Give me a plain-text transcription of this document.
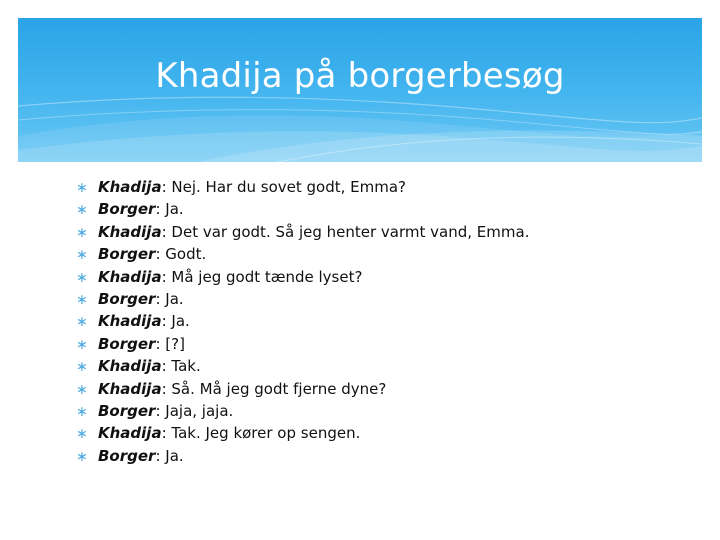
Khadija på borgerbesøg
∗ Khadija : Nej. Har du sovet godt, Emma?
∗ Borger : Ja.
∗ Khadija : Det var godt. Så jeg henter varmt vand, Emma.
∗ Borger : Godt.
∗ Khadija : Må jeg godt tænde lyset?
∗ Borger : Ja.
∗ Khadija : Ja.
∗ Borger : [?]
∗ Khadija : Tak.
∗ Khadija : Så. Må jeg godt fjerne dyne?
∗ Borger : Jaja, jaja.
∗ Khadija : Tak. Jeg kører op sengen.
∗ Borger : Ja.
